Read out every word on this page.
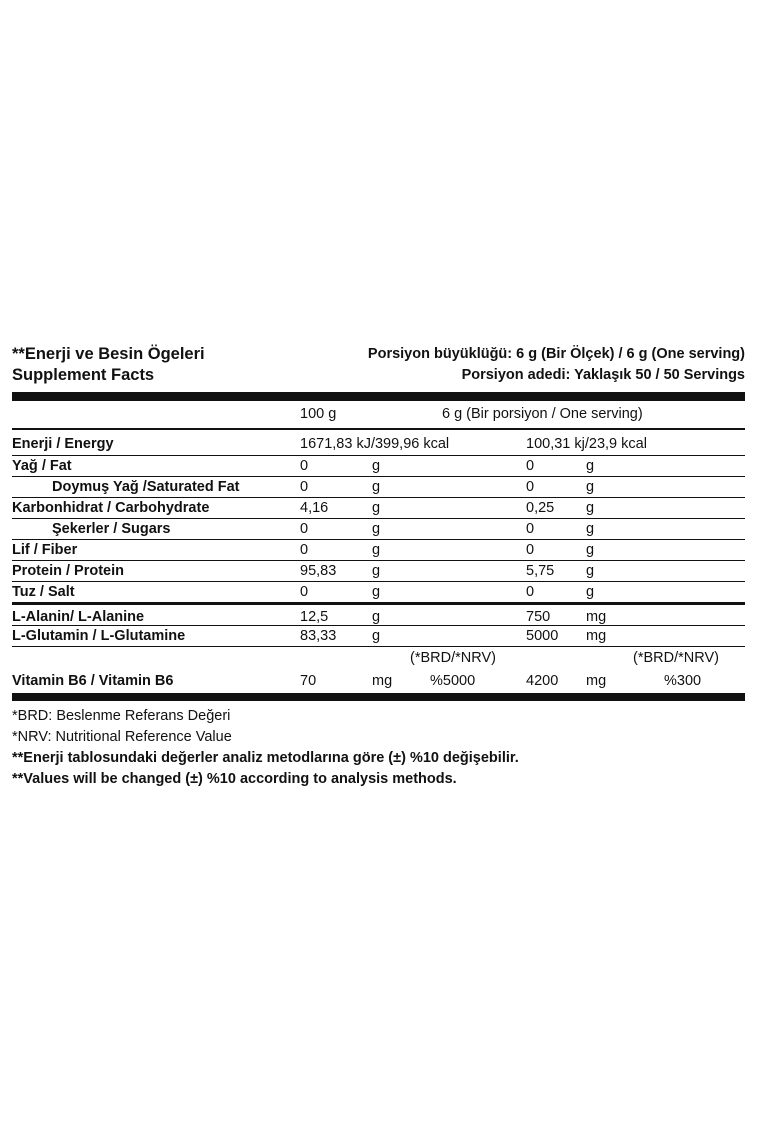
**Enerji ve Besin Ögeleri
Supplement Facts
Porsiyon büyüklüğü: 6 g (Bir Ölçek) / 6 g (One serving)
Porsiyon adedi: Yaklaşık 50 / 50 Servings
100 g	6 g (Bir porsiyon / One serving)
Enerji / Energy	1671,83 kJ/399,96 kcal	100,31 kj/23,9 kcal
Yağ / Fat	0	g	0	g
Doymuş Yağ /Saturated Fat	0	g	0	g
Karbonhidrat / Carbohydrate	4,16	g	0,25 g
Şekerler / Sugars	0	g	0	g
Lif / Fiber	0	g	0	g
Protein / Protein	95,83 g	5,75 g
Tuz / Salt	0	g	0	g
L-Alanin/ L-Alanine	12,5	g	750 mg
L-Glutamin / L-Glutamine	83,33 g	5000 mg
(*BRD/*NRV)	(*BRD/*NRV)
Vitamin B6 / Vitamin B6	70	mg	%5000	4200 mg	%300
*BRD: Beslenme Referans Değeri
*NRV: Nutritional Reference Value
**Enerji tablosundaki değerler analiz metodlarına göre (±) %10 değişebilir.
**Values will be changed (±) %10 according to analysis methods.
